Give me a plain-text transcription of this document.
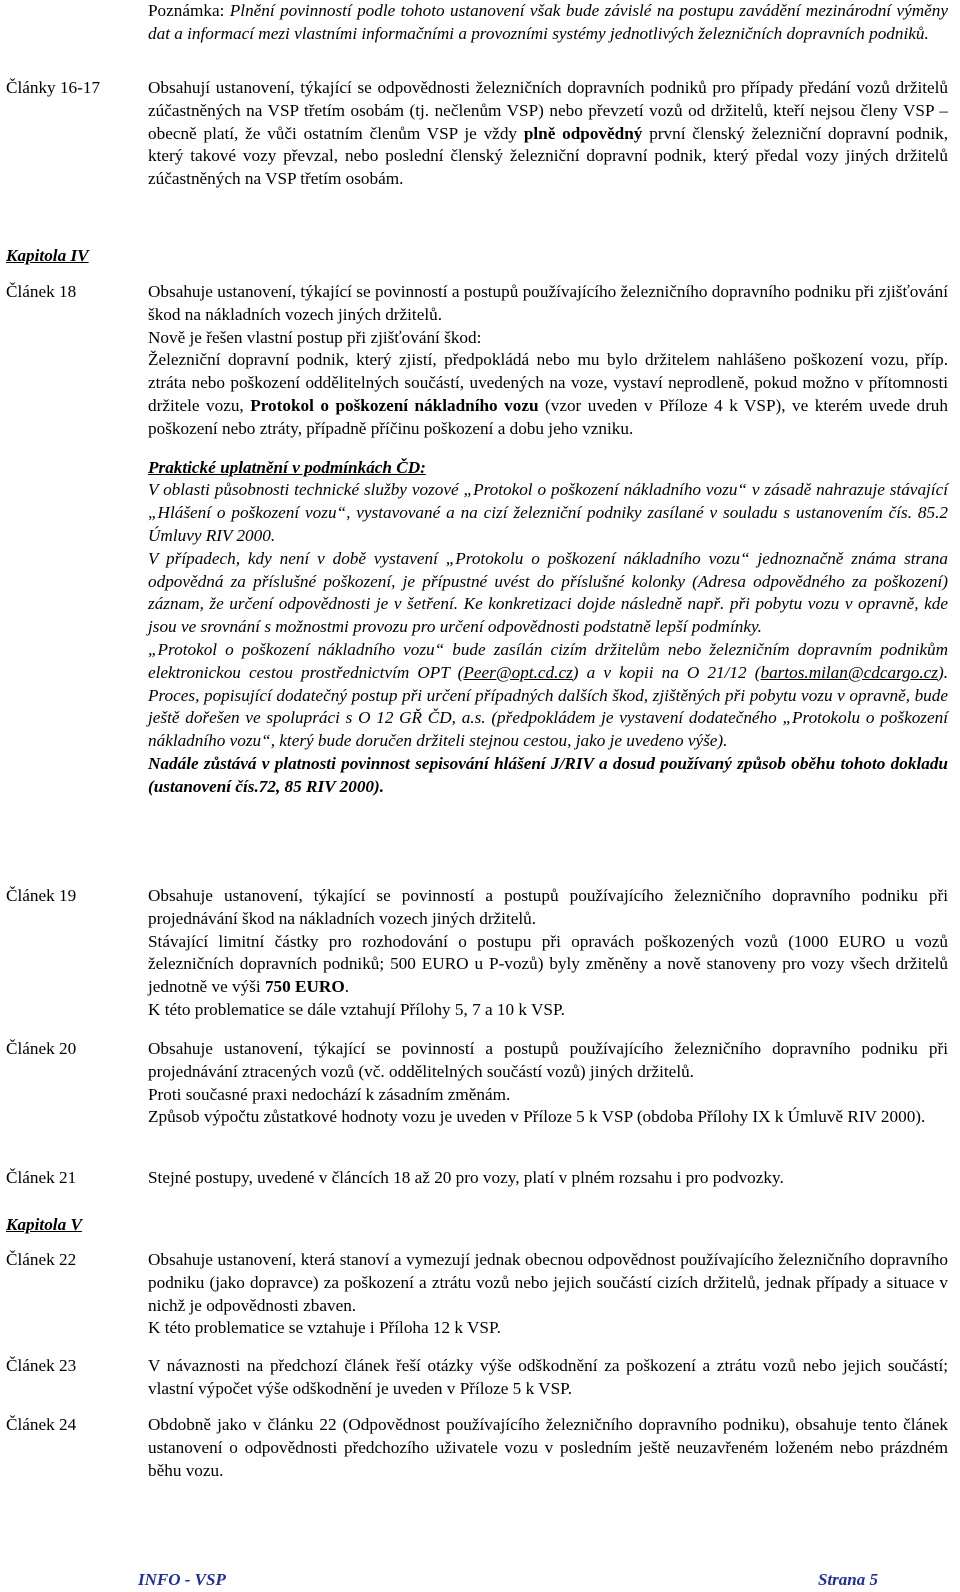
Poznámka: Plnění povinností podle tohoto ustanovení však bude závislé na postupu zavádění mezinárodní výměny dat a informací mezi vlastními informačními a provozními systémy jednotlivých železničních dopravních podniků.

Články 16-17	Obsahují ustanovení, týkající se odpovědnosti železničních dopravních podniků pro případy předání vozů držitelů zúčastněných na VSP třetím osobám (tj. nečlenům VSP) nebo převzetí vozů od držitelů, kteří nejsou členy VSP – obecně platí, že vůči ostatním členům VSP je vždy plně odpovědný první členský železniční dopravní podnik, který takové vozy převzal, nebo poslední členský železniční dopravní podnik, který předal vozy jiných držitelů zúčastněných na VSP třetím osobám.

Kapitola IV
Článek 18	Obsahuje ustanovení, týkající se povinností a postupů používajícího železničního dopravního podniku při zjišťování škod na nákladních vozech jiných držitelů.

Nově je řešen vlastní postup při zjišťování škod:

Železniční dopravní podnik, který zjistí, předpokládá nebo mu bylo držitelem nahlášeno poškození vozu, příp. ztráta nebo poškození oddělitelných součástí, uvedených na voze, vystaví neprodleně, pokud možno v přítomnosti držitele vozu, Protokol o poškození nákladního vozu (vzor uveden v Příloze 4 k VSP), ve kterém uvede druh poškození nebo ztráty, případně příčinu poškození a dobu jeho vzniku.

Praktické uplatnění v podmínkách ČD:

V oblasti působnosti technické služby vozové „Protokol o poškození nákladního vozu“ v zásadě nahrazuje stávající „Hlášení o poškození vozu“, vystavované a na cizí železniční podniky zasílané v souladu s ustanovením čís. 85.2 Úmluvy RIV 2000.

V případech, kdy není v době vystavení „Protokolu o poškození nákladního vozu“ jednoznačně známa strana odpovědná za příslušné poškození, je přípustné uvést do příslušné kolonky (Adresa odpovědného za poškození) záznam, že určení odpovědnosti je v šetření. Ke konkretizaci dojde následně např. při pobytu vozu v opravně, kde jsou ve srovnání s možnostmi provozu pro určení odpovědnosti podstatně lepší podmínky.

„Protokol o poškození nákladního vozu“ bude zasílán cizím držitelům nebo železničním dopravním podnikům elektronickou cestou prostřednictvím OPT (Peer@opt.cd.cz) a v kopii na O 21/12 (bartos.milan@cdcargo.cz). Proces, popisující dodatečný postup při určení případných dalších škod, zjištěných při pobytu vozu v opravně, bude ještě dořešen ve spolupráci s O 12 GŘ ČD, a.s. (předpokládem je vystavení dodatečného „Protokolu o poškození nákladního vozu“, který bude doručen držiteli stejnou cestou, jako je uvedeno výše).

Nadále zůstává v platnosti povinnost sepisování hlášení J/RIV a dosud používaný způsob oběhu tohoto dokladu (ustanovení čís.72, 85 RIV 2000).

Článek 19	Obsahuje ustanovení, týkající se povinností a postupů používajícího železničního dopravního podniku při projednávání škod na nákladních vozech jiných držitelů.

Stávající limitní částky pro rozhodování o postupu při opravách poškozených vozů (1000 EURO u vozů železničních dopravních podniků; 500 EURO u P-vozů) byly změněny a nově stanoveny pro vozy všech držitelů jednotně ve výši 750 EURO.

K této problematice se dále vztahují Přílohy 5, 7 a 10 k VSP.

Článek 20	Obsahuje ustanovení, týkající se povinností a postupů používajícího železničního dopravního podniku při projednávání ztracených vozů (vč. oddělitelných součástí vozů) jiných držitelů.

Proti současné praxi nedochází k zásadním změnám.

Způsob výpočtu zůstatkové hodnoty vozu je uveden v Příloze 5 k VSP (obdoba Přílohy IX k Úmluvě RIV 2000).

Článek 21	Stejné postupy, uvedené v článcích 18 až 20 pro vozy, platí v plném rozsahu i pro podvozky.

Kapitola V
Článek 22	Obsahuje ustanovení, která stanoví a vymezují jednak obecnou odpovědnost používajícího železničního dopravního podniku (jako dopravce) za poškození a ztrátu vozů nebo jejich součástí cizích držitelů, jednak případy a situace v nichž je odpovědnosti zbaven.

K této problematice se vztahuje i Příloha 12 k VSP.

Článek 23	V návaznosti na předchozí článek řeší otázky výše odškodnění za poškození a ztrátu vozů nebo jejich součástí; vlastní výpočet výše odškodnění je uveden v Příloze 5 k VSP.

Článek 24	Obdobně jako v článku 22 (Odpovědnost používajícího železničního dopravního podniku), obsahuje tento článek ustanovení o odpovědnosti předchozího uživatele vozu v posledním ještě neuzavřeném loženém nebo prázdném běhu vozu.

INFO - VSP	Strana 5
